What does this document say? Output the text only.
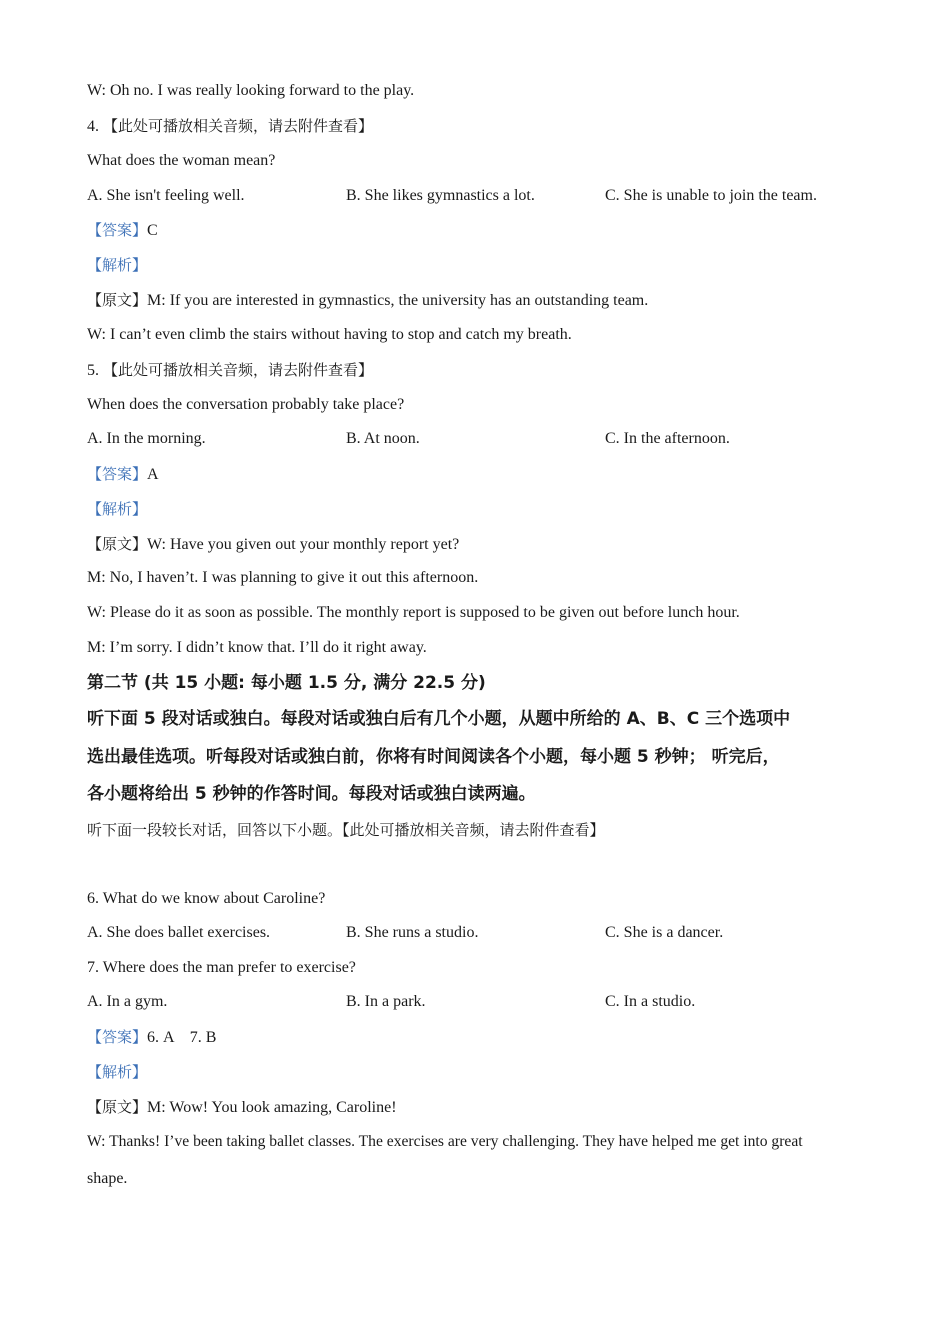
W: Oh no. I was really looking forward to the play.
4. 【此处可播放相关音频，请去附件查看】
What does the woman mean?
A. She isn't feeling well.	B. She likes gymnastics a lot.	C. She is unable to join the team.
【答案】C
【解析】
【原文】M: If you are interested in gymnastics, the university has an outstanding team.
W: I can’t even climb the stairs without having to stop and catch my breath.
5. 【此处可播放相关音频，请去附件查看】
When does the conversation probably take place?
A. In the morning.	B. At noon.	C. In the afternoon.
【答案】A
【解析】
【原文】W: Have you given out your monthly report yet?
M: No, I haven’t. I was planning to give it out this afternoon.
W: Please do it as soon as possible. The monthly report is supposed to be given out before lunch hour.
M: I’m sorry. I didn’t know that. I’ll do it right away.
第二节 (共 15 小题: 每小题 1.5 分, 满分 22.5 分)
听下面 5 段对话或独白。每段对话或独白后有几个小题，从题中所给的 A、B、C 三个选项中
选出最佳选项。听每段对话或独白前，你将有时间阅读各个小题，每小题 5 秒钟； 听完后，
各小题将给出 5 秒钟的作答时间。每段对话或独白读两遍。
听下面一段较长对话，回答以下小题。【此处可播放相关音频，请去附件查看】
6. What do we know about Caroline?
A. She does ballet exercises.	B. She runs a studio.	C. She is a dancer.
7. Where does the man prefer to exercise?
A. In a gym.	B. In a park.	C. In a studio.
【答案】6. A    7. B
【解析】
【原文】M: Wow! You look amazing, Caroline!
W: Thanks! I’ve been taking ballet classes. The exercises are very challenging. They have helped me get into great
shape.
